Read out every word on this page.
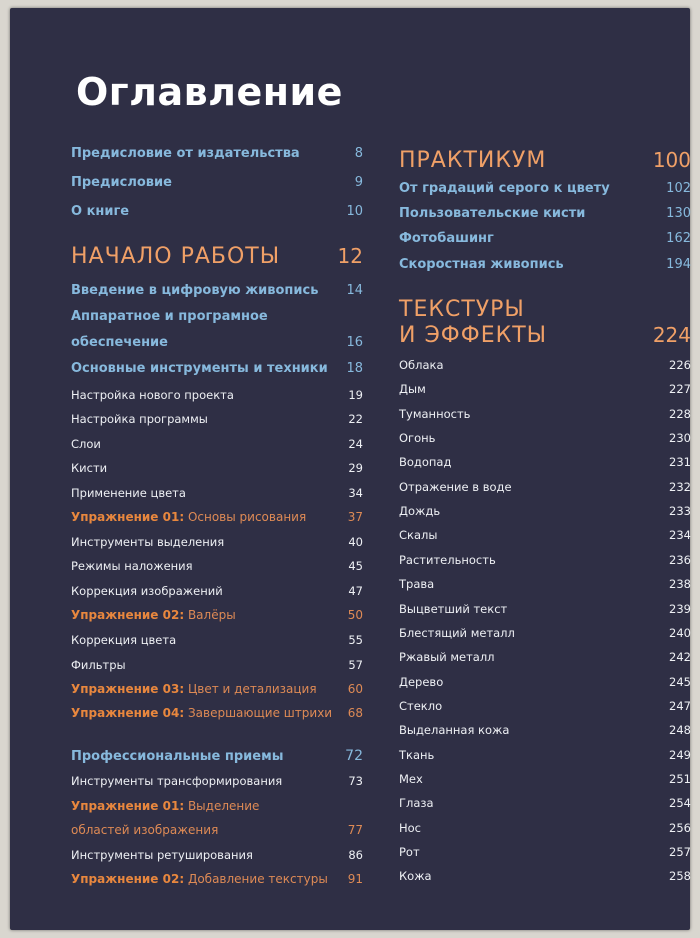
Оглавление
Предисловие от издательства	8
Предисловие	9
О книге	10
НАЧАЛО РАБОТЫ	12
Введение в цифровую живопись 14
Аппаратное и програмное
обеспечение	16
Основные инструменты и техники 18
Настройка нового проекта	19
Настройка программы	22
Слои	24
Кисти	29
Применение цвета	34
Упражнение 01: Основы рисования	37
Инструменты выделения	40
Режимы наложения	45
Коррекция изображений	47
Упражнение 02: Валёры	50
Коррекция цвета	55
Фильтры	57
Упражнение 03: Цвет и детализация	60
Упражнение 04: Завершающие штрихи 68
Профессиональные приемы	72
Инструменты трансформирования	73
Упражнение 01: Выделение
областей изображения	77
Инструменты ретуширования	86
Упражнение 02: Добавление текстуры 91
ПРАКТИКУМ	100
От градаций серого к цвету	102
Пользовательские кисти	130
Фотобашинг	162
Скоростная живопись	194
ТЕКСТУРЫ
И ЭФФЕКТЫ	224
Облака	226
Дым	227
Туманность	228
Огонь	230
Водопад	231
Отражение в воде	232
Дождь	233
Скалы	234
Растительность	236
Трава	238
Выцветший текст	239
Блестящий металл	240
Ржавый металл	242
Дерево	245
Стекло	247
Выделанная кожа	248
Ткань	249
Мех	251
Глаза	254
Нос	256
Рот	257
Кожа	258
